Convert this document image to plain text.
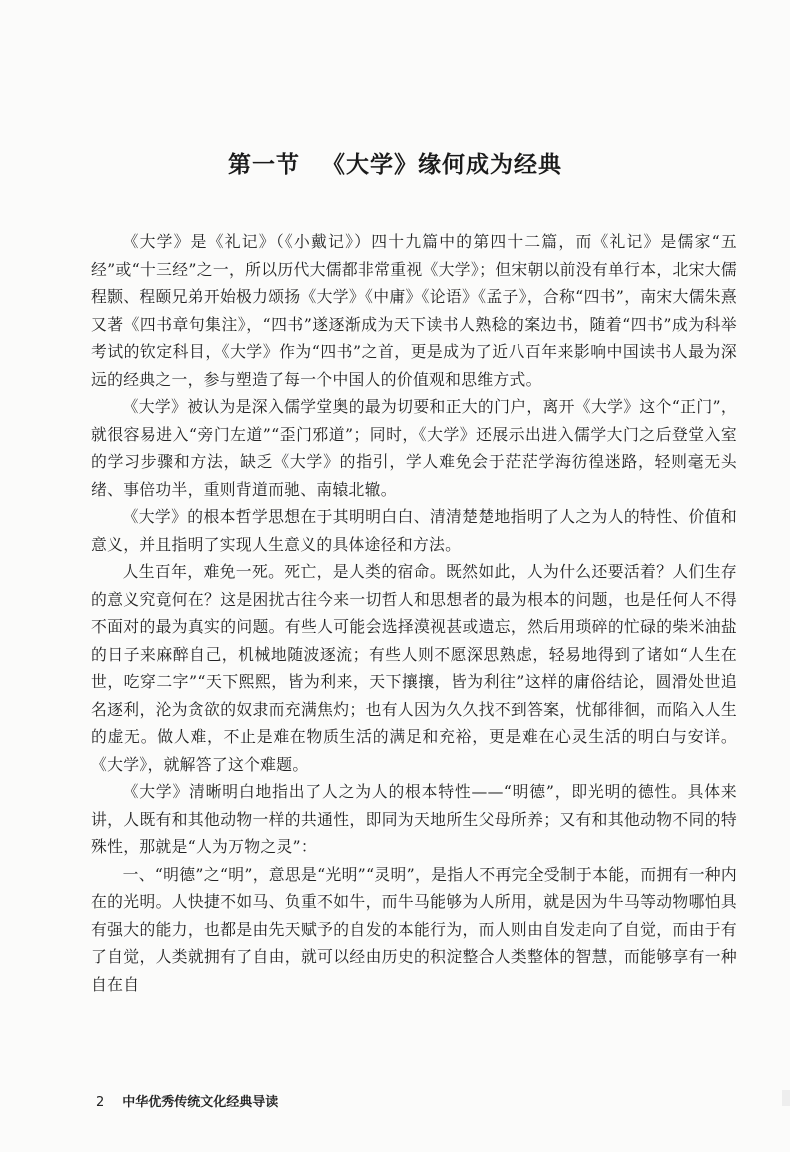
第一节 《大学》缘何成为经典

《大学》是《礼记》（《小戴记》）四十九篇中的第四十二篇，而《礼记》是儒家“五经”或“十三经”之一，所以历代大儒都非常重视《大学》；但宋朝以前没有单行本，北宋大儒程颢、程颐兄弟开始极力颂扬《大学》《中庸》《论语》《孟子》，合称“四书”，南宋大儒朱熹又著《四书章句集注》，“四书”遂逐渐成为天下读书人熟稔的案边书，随着“四书”成为科举考试的钦定科目，《大学》作为“四书”之首，更是成为了近八百年来影响中国读书人最为深远的经典之一，参与塑造了每一个中国人的价值观和思维方式。

《大学》被认为是深入儒学堂奥的最为切要和正大的门户，离开《大学》这个“正门”，就很容易进入“旁门左道”“歪门邪道”；同时，《大学》还展示出进入儒学大门之后登堂入室的学习步骤和方法，缺乏《大学》的指引，学人难免会于茫茫学海彷徨迷路，轻则毫无头绪、事倍功半，重则背道而驰、南辕北辙。

《大学》的根本哲学思想在于其明明白白、清清楚楚地指明了人之为人的特性、价值和意义，并且指明了实现人生意义的具体途径和方法。

人生百年，难免一死。死亡，是人类的宿命。既然如此，人为什么还要活着？人们生存的意义究竟何在？这是困扰古往今来一切哲人和思想者的最为根本的问题，也是任何人不得不面对的最为真实的问题。有些人可能会选择漠视甚或遗忘，然后用琐碎的忙碌的柴米油盐的日子来麻醉自己，机械地随波逐流；有些人则不愿深思熟虑，轻易地得到了诸如“人生在世，吃穿二字”“天下熙熙，皆为利来，天下攘攘，皆为利往”这样的庸俗结论，圆滑处世追名逐利，沦为贪欲的奴隶而充满焦灼；也有人因为久久找不到答案，忧郁徘徊，而陷入人生的虚无。做人难，不止是难在物质生活的满足和充裕，更是难在心灵生活的明白与安详。《大学》，就解答了这个难题。

《大学》清晰明白地指出了人之为人的根本特性——“明德”，即光明的德性。具体来讲，人既有和其他动物一样的共通性，即同为天地所生父母所养；又有和其他动物不同的特殊性，那就是“人为万物之灵”：

一、“明德”之“明”，意思是“光明”“灵明”，是指人不再完全受制于本能，而拥有一种内在的光明。人快捷不如马、负重不如牛，而牛马能够为人所用，就是因为牛马等动物哪怕具有强大的能力，也都是由先天赋予的自发的本能行为，而人则由自发走向了自觉，而由于有了自觉，人类就拥有了自由，就可以经由历史的积淀整合人类整体的智慧，而能够享有一种自在自

2 中华优秀传统文化经典导读
